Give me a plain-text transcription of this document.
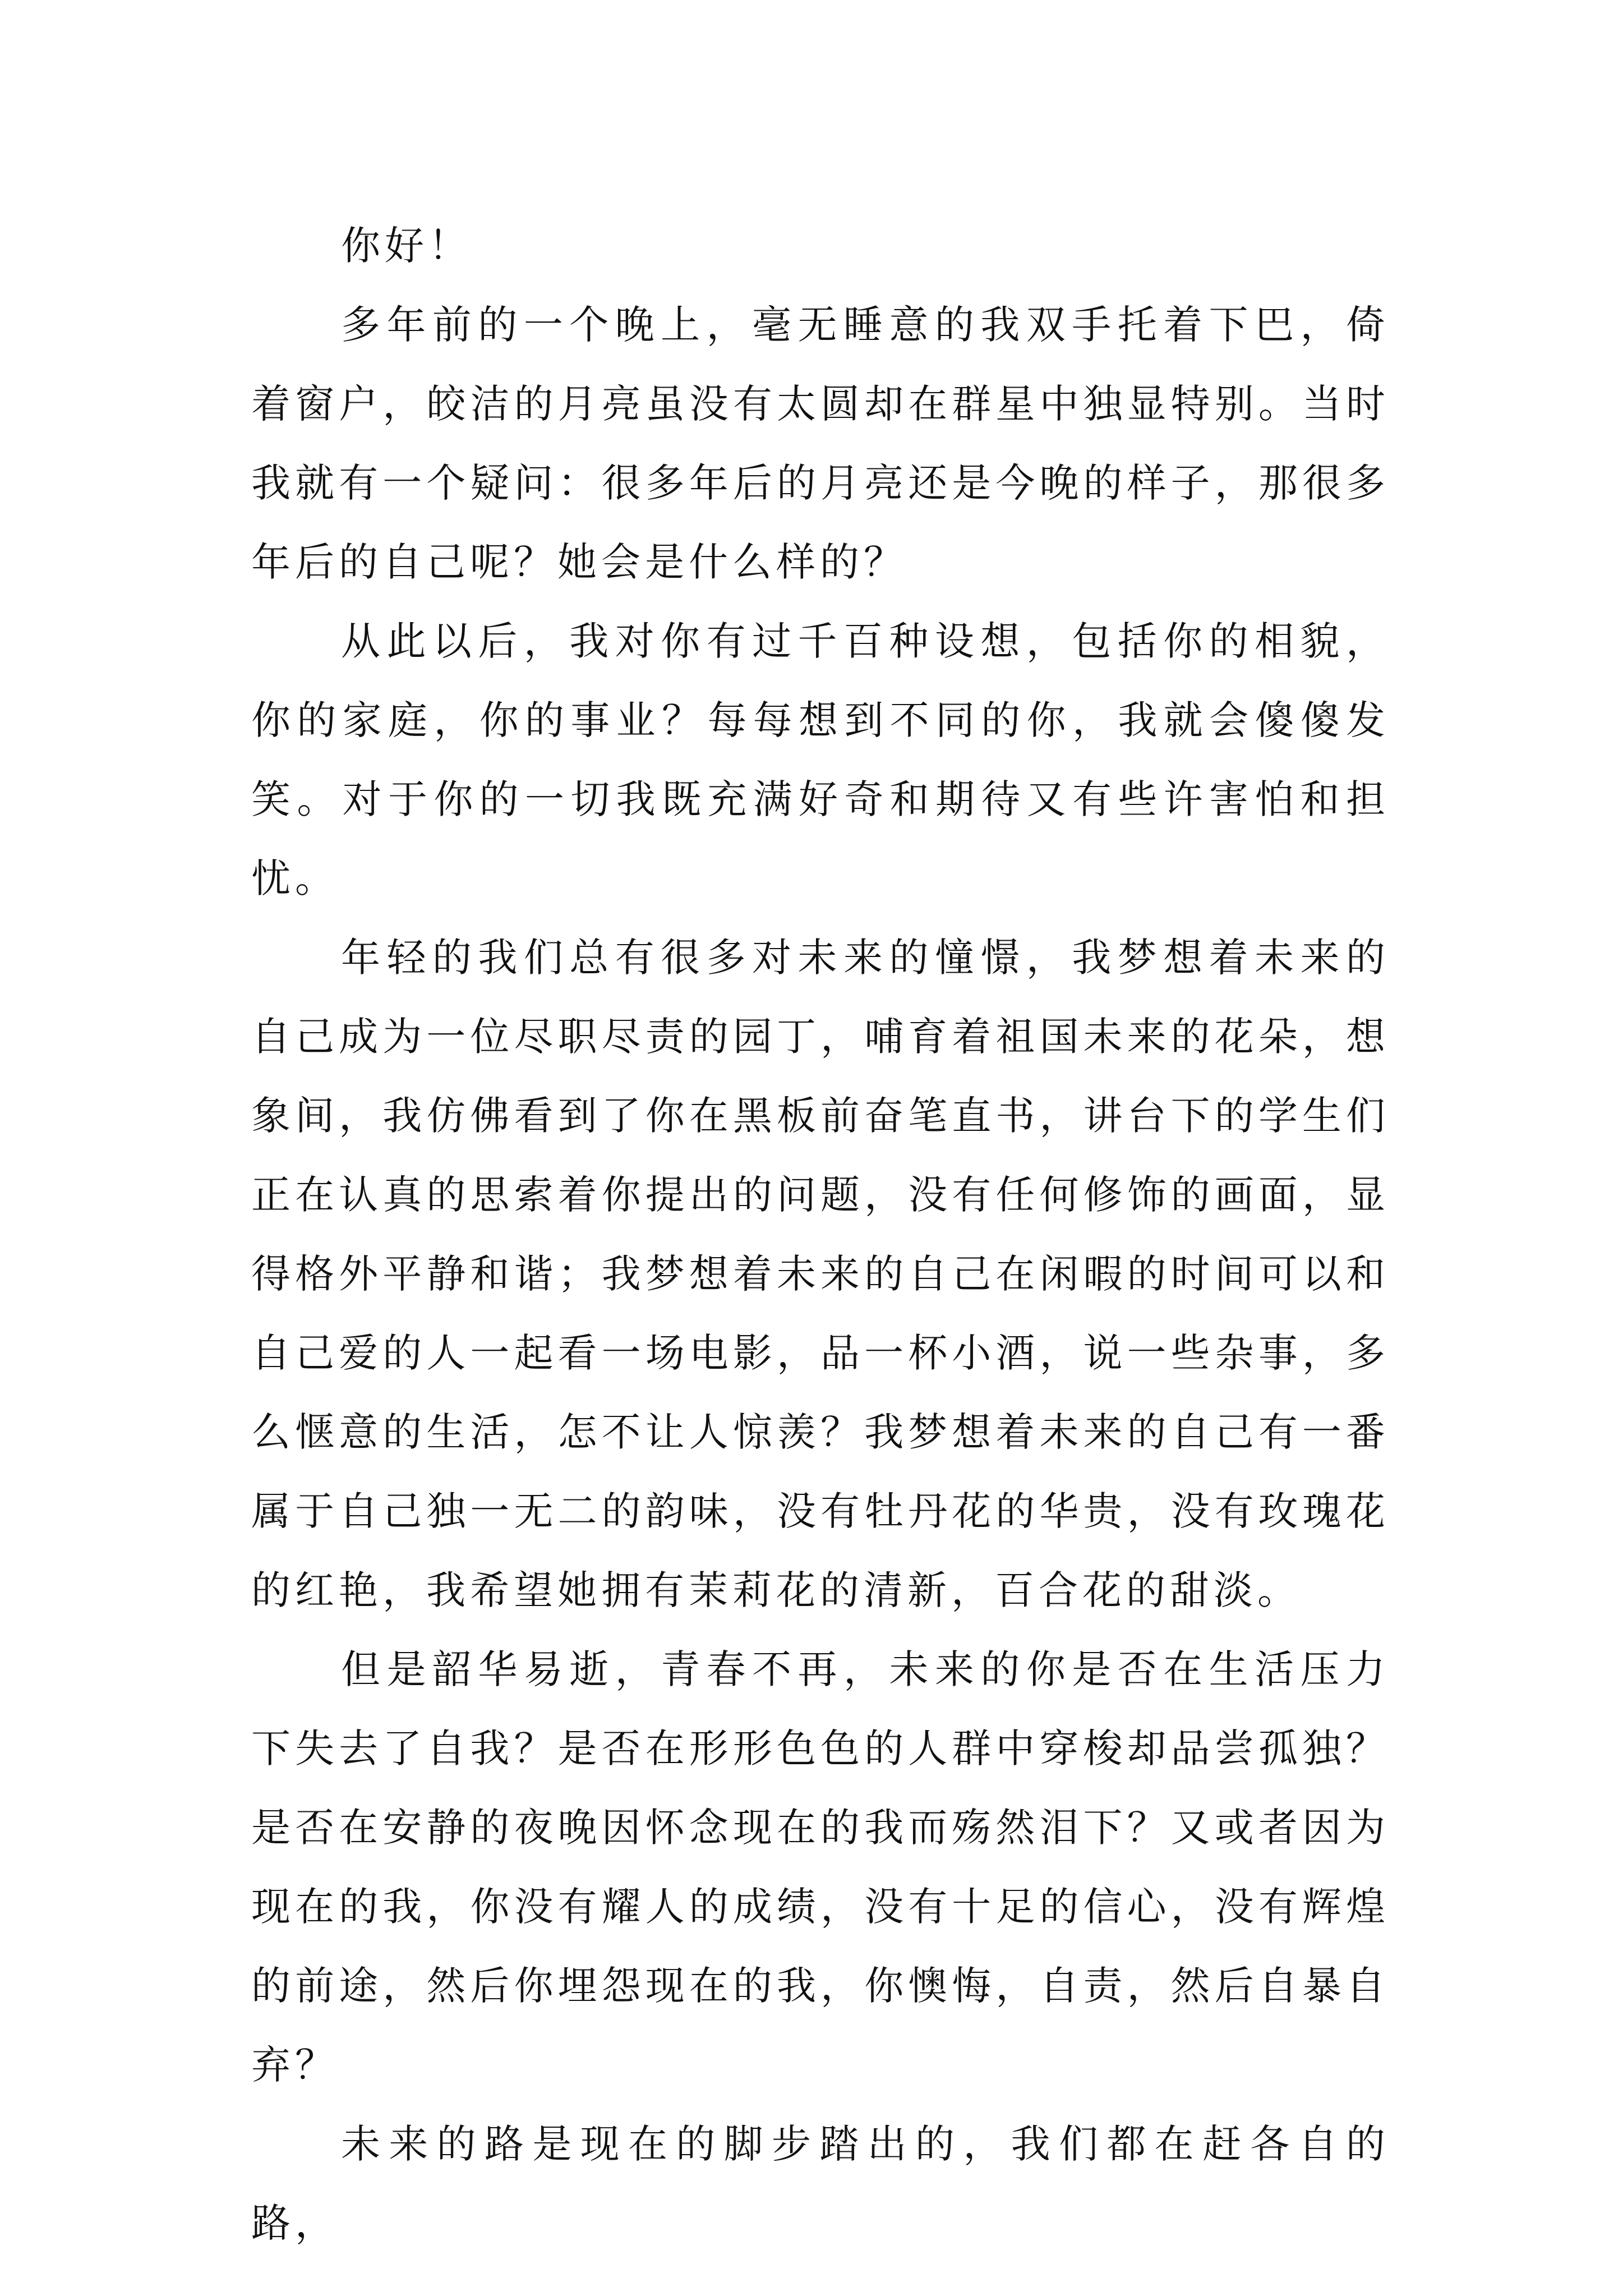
你好！

多年前的一个晚上，毫无睡意的我双手托着下巴，倚着窗户，皎洁的月亮虽没有太圆却在群星中独显特别。当时我就有一个疑问：很多年后的月亮还是今晚的样子，那很多年后的自己呢？她会是什么样的？

从此以后，我对你有过千百种设想，包括你的相貌，你的家庭，你的事业？每每想到不同的你，我就会傻傻发笑。对于你的一切我既充满好奇和期待又有些许害怕和担忧。

年轻的我们总有很多对未来的憧憬，我梦想着未来的自己成为一位尽职尽责的园丁，哺育着祖国未来的花朵，想象间，我仿佛看到了你在黑板前奋笔直书，讲台下的学生们正在认真的思索着你提出的问题，没有任何修饰的画面，显得格外平静和谐；我梦想着未来的自己在闲暇的时间可以和自己爱的人一起看一场电影，品一杯小酒，说一些杂事，多么惬意的生活，怎不让人惊羡？我梦想着未来的自己有一番属于自己独一无二的韵味，没有牡丹花的华贵，没有玫瑰花的红艳，我希望她拥有茉莉花的清新，百合花的甜淡。

但是韶华易逝，青春不再，未来的你是否在生活压力下失去了自我？是否在形形色色的人群中穿梭却品尝孤独？是否在安静的夜晚因怀念现在的我而殇然泪下？又或者因为现在的我，你没有耀人的成绩，没有十足的信心，没有辉煌的前途，然后你埋怨现在的我，你懊悔，自责，然后自暴自弃？

未来的路是现在的脚步踏出的，我们都在赶各自的路，
